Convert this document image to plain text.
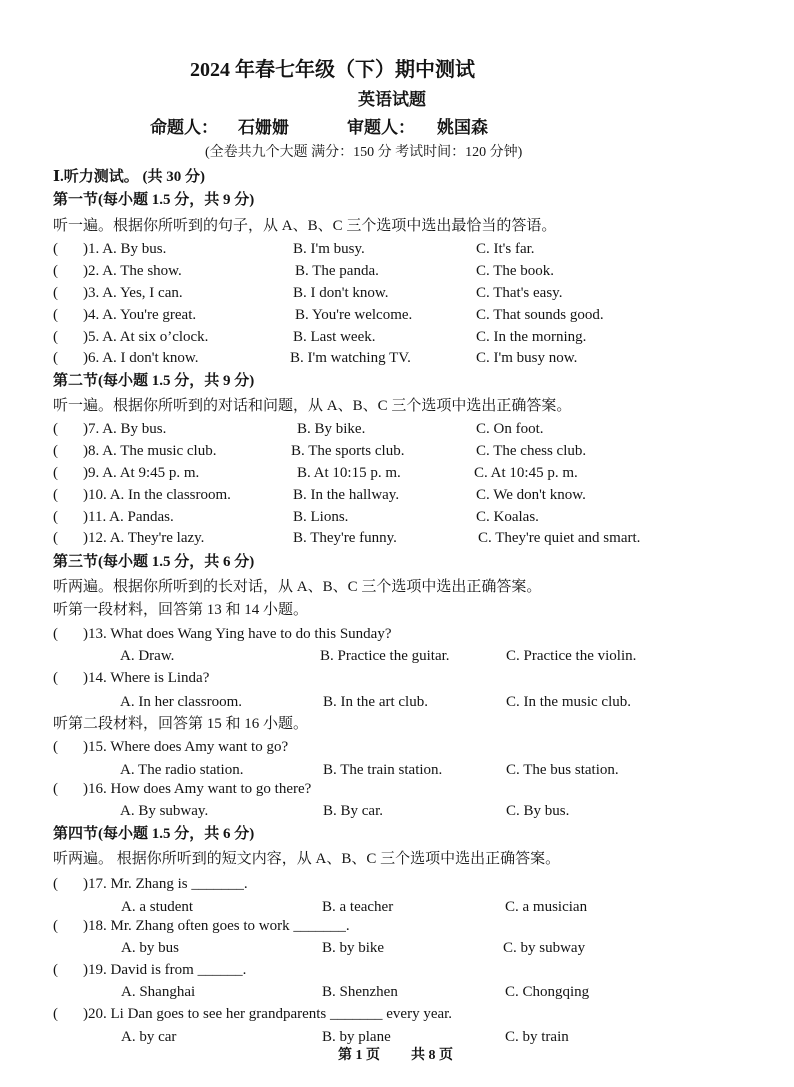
2024 年春七年级（下）期中测试
英语试题
命题人： 石姗姗	审题人： 姚国森
(全卷共九个大题 满分：150 分 考试时间：120 分钟)
Ⅰ.听力测试。 (共 30 分)
第一节(每小题 1.5 分，共 9 分)
听一遍。根据你所听到的句子，从 A、B、C 三个选项中选出最恰当的答语。
( )1. A. By bus.	B. I'm busy.	C. It's far.
( )2. A. The show.	B. The panda.	C. The book.
( )3. A. Yes, I can.	B. I don't know.	C. That's easy.
( )4. A. You're great.	B. You're welcome.	C. That sounds good.
( )5. A. At six o’clock.	B. Last week.	C. In the morning.
( )6. A. I don't know.	B. I'm watching TV.	C. I'm busy now.
第二节(每小题 1.5 分，共 9 分)
听一遍。根据你所听到的对话和问题，从 A、B、C 三个选项中选出正确答案。
( )7. A. By bus.	B. By bike.	C. On foot.
( )8. A. The music club.	B. The sports club.	C. The chess club.
( )9. A. At 9:45 p. m.	B. At 10:15 p. m.	C. At 10:45 p. m.
( )10. A. In the classroom.	B. In the hallway.	C. We don't know.
( )11. A. Pandas.	B. Lions.	C. Koalas.
( )12. A. They're lazy.	B. They're funny.	C. They're quiet and smart.
第三节(每小题 1.5 分，共 6 分)
听两遍。根据你所听到的长对话，从 A、B、C 三个选项中选出正确答案。
听第一段材料，回答第 13 和 14 小题。
( )13. What does Wang Ying have to do this Sunday?
A. Draw.	B. Practice the guitar.	C. Practice the violin.
( )14. Where is Linda?
A. In her classroom.	B. In the art club.	C. In the music club.
听第二段材料，回答第 15 和 16 小题。
( )15. Where does Amy want to go?
A. The radio station.	B. The train station.	C. The bus station.
( )16. How does Amy want to go there?
A. By subway.	B. By car.	C. By bus.
第四节(每小题 1.5 分，共 6 分)
听两遍。 根据你所听到的短文内容，从 A、B、C 三个选项中选出正确答案。
( )17. Mr. Zhang is _______.
A. a student	B. a teacher	C. a musician
( )18. Mr. Zhang often goes to work _______.
A. by bus	B. by bike	C. by subway
( )19. David is from ______.
A. Shanghai	B. Shenzhen	C. Chongqing
( )20. Li Dan goes to see her grandparents _______ every year.
A. by car	B. by plane	C. by train
第 1 页 共 8 页
